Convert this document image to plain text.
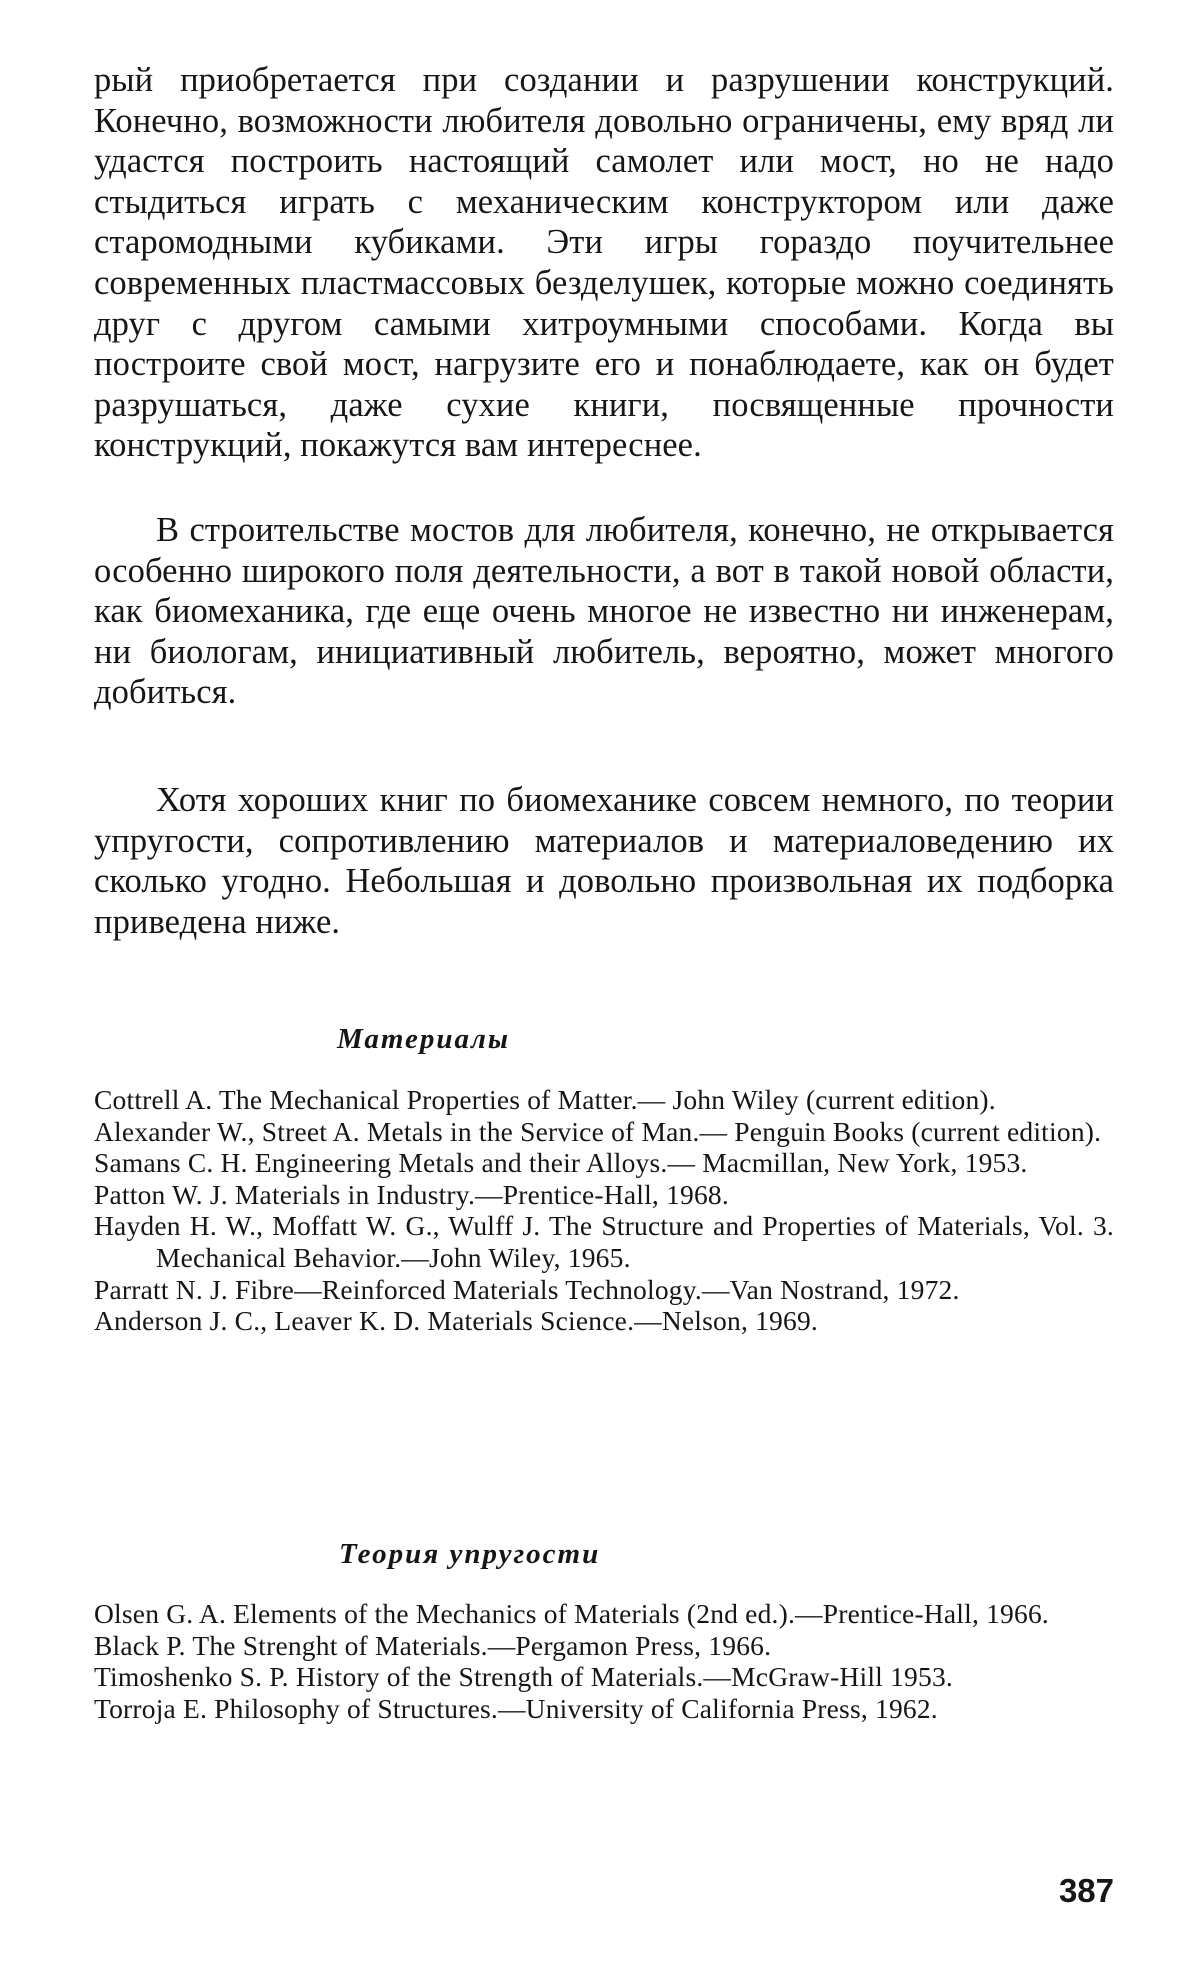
рый приобретается при создании и разрушении конструкций. Конечно, возможности любителя довольно ограничены, ему вряд ли удастся построить настоящий самолет или мост, но не надо стыдиться играть с механическим конструктором или даже старомодными кубиками. Эти игры гораздо поучительнее современных пластмассовых безделушек, которые можно соединять друг с другом самыми хитроумными способами. Когда вы построите свой мост, нагрузите его и понаблюдаете, как он будет разрушаться, даже сухие книги, посвященные прочности конструкций, покажутся вам интереснее.

В строительстве мостов для любителя, конечно, не открывается особенно широкого поля деятельности, а вот в такой новой области, как биомеханика, где еще очень многое не известно ни инженерам, ни биологам, инициативный любитель, вероятно, может многого добиться.

Хотя хороших книг по биомеханике совсем немного, по теории упругости, сопротивлению материалов и материаловедению их сколько угодно. Небольшая и довольно произвольная их подборка приведена ниже.

Материалы
Cottrell A. The Mechanical Properties of Matter.— John Wiley (current edition).
Alexander W., Street A. Metals in the Service of Man.— Penguin Books (current edition).
Samans C. H. Engineering Metals and their Alloys.— Macmillan, New York, 1953.
Patton W. J. Materials in Industry.—Prentice-Hall, 1968.
Hayden H. W., Moffatt W. G., Wulff J. The Structure and Properties of Materials, Vol. 3. Mechanical Behavior.—John Wiley, 1965.
Parratt N. J. Fibre—Reinforced Materials Technology.—Van Nostrand, 1972.
Anderson J. C., Leaver K. D. Materials Science.—Nelson, 1969.
Теория упругости
Olsen G. A. Elements of the Mechanics of Materials (2nd ed.).—Prentice-Hall, 1966.
Black P. The Strenght of Materials.—Pergamon Press, 1966.
Timoshenko S. P. History of the Strength of Materials.—McGraw-Hill 1953.
Torroja E. Philosophy of Structures.—University of California Press, 1962.
387
